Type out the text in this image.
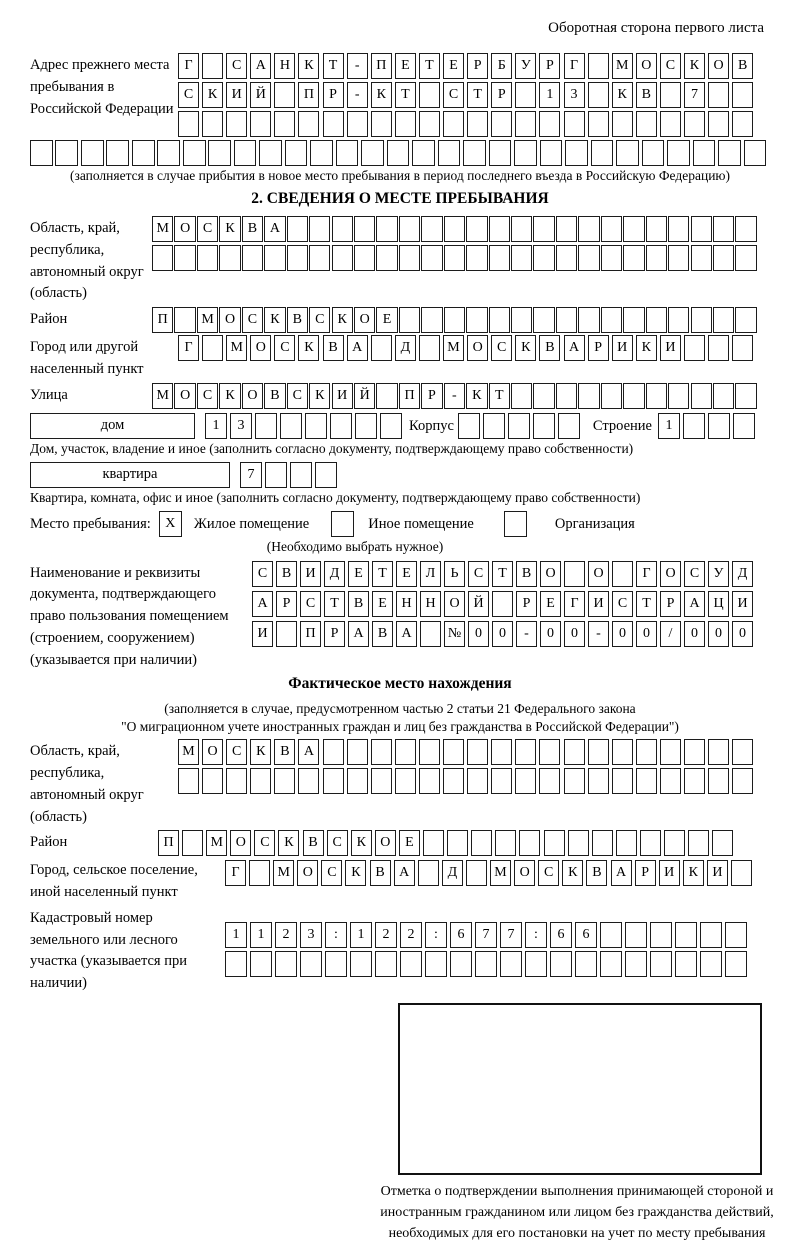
Оборотная сторона первого листа
Адрес прежнего места пребывания в Российской Федерации
Г	С	А Н	К	Т	-	П	Е	Т	Е	Р	Б	У	Р	Г	М О	С	К	О	В
С	К	И Й	П	Р	-	К	Т	С	Т	Р	1	3	К	В	7
(заполняется в случае прибытия в новое место пребывания в период последнего въезда в Российскую Федерацию)
2. СВЕДЕНИЯ О МЕСТЕ ПРЕБЫВАНИЯ
Область, край, республика, автономный округ (область)
М О С К В А
Район	П	М О С К В С К О Е
Город или другой населенный пункт
Г	М О	С	К	В	А	Д	М О	С	К	В	А	Р	И	К	И
Улица	М О С К О В С К И Й	П Р	-	К Т
дом	1	3	Корпус	Строение 1
Дом, участок, владение и иное (заполнить согласно документу, подтверждающему право собственности)
квартира	7
Квартира, комната, офис и иное (заполнить согласно документу, подтверждающему право собственности)
Место пребывания:	X	Жилое помещение	Иное помещение	Организация
(Необходимо выбрать нужное)
Наименование и реквизиты документа, подтверждающего право пользования помещением (строением, сооружением) (указывается при наличии)
С	В	И	Д	Е	Т	Е	Л	Ь	С	Т	В	О	О	Г	О	С	У	Д
А	Р	С	Т	В	Е	Н Н О Й	Р	Е	Г	И	С	Т	Р	А Ц И
И	П	Р	А	В	А	№ 0	0	-	0	0	-	0	0	/	0	0	0
Фактическое место нахождения
(заполняется в случае, предусмотренном частью 2 статьи 21 Федерального закона
"О миграционном учете иностранных граждан и лиц без гражданства в Российской Федерации")
Область, край, республика, автономный округ (область)
М О	С	К	В	А
Район	П	М О	С	К	В	С	К	О	Е
Город, сельское поселение, иной населенный пункт
Г	М О	С	К	В	А	Д	М О	С	К	В	А	Р	И	К	И
Кадастровый номер земельного или лесного участка (указывается при наличии)
1	1	2	3	:	1	2	2	:	6	7	7	:	6	6
Отметка о подтверждении выполнения принимающей стороной и иностранным гражданином или лицом без гражданства действий, необходимых для его постановки на учет по месту пребывания
